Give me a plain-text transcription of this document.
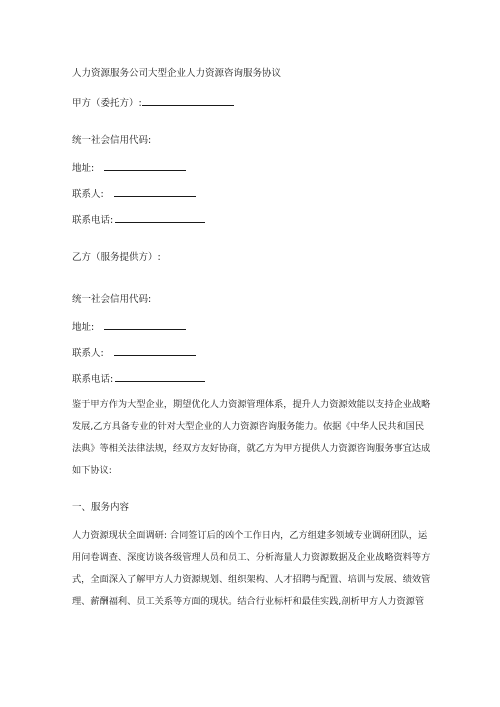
人力资源服务公司大型企业人力资源咨询服务协议
甲方（委托方）:
统一社会信用代码:
地址:
联系人:
联系电话:
乙方（服务提供方）:
统一社会信用代码:
地址:
联系人:
联系电话:
鉴于甲方作为大型企业，期望优化人力资源管理体系，提升人力资源效能以支持企业战略
发展,乙方具备专业的针对大型企业的人力资源咨询服务能力。依据《中华人民共和国民
法典》等相关法律法规，经双方友好协商，就乙方为甲方提供人力资源咨询服务事宜达成
如下协议:
一、服务内容
人力资源现状全面调研: 合同签订后的凶个工作日内，乙方组建多领域专业调研团队，运
用问卷调查、深度访谈各级管理人员和员工、分析海量人力资源数据及企业战略资料等方
式，全面深入了解甲方人力资源规划、组织架构、人才招聘与配置、培训与发展、绩效管
理、薪酬福利、员工关系等方面的现状。结合行业标杆和最佳实践,剖析甲方人力资源管
